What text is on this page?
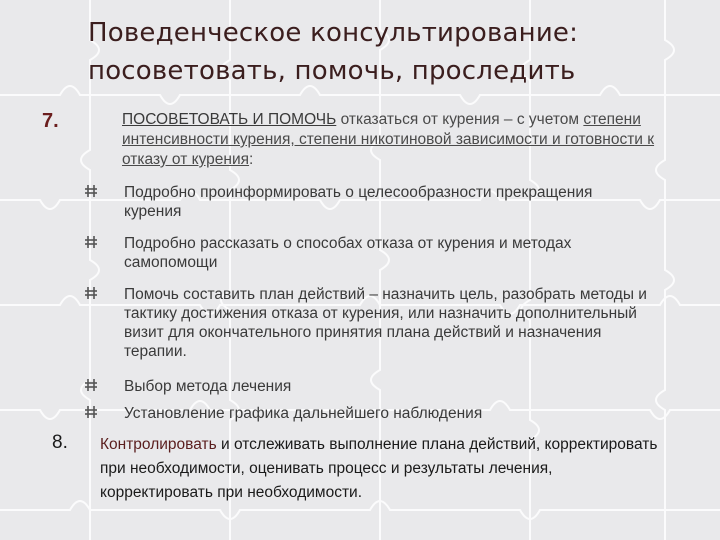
Поведенческое консультирование:
посоветовать, помочь, проследить
7.	ПОСОВЕТОВАТЬ И ПОМОЧЬ отказаться от курения – с учетом степени интенсивности курения, степени никотиновой зависимости и готовности к отказу от курения:
Подробно проинформировать о целесообразности прекращения курения
Подробно рассказать о способах отказа от курения и методах самопомощи
Помочь составить план действий – назначить цель, разобрать методы и тактику достижения отказа от курения, или назначить дополнительный визит для окончательного принятия плана действий и назначения терапии.
Выбор метода лечения
Установление графика дальнейшего наблюдения
8. Контролировать и отслеживать выполнение плана действий, корректировать при необходимости, оценивать процесс и результаты лечения, корректировать при необходимости.
